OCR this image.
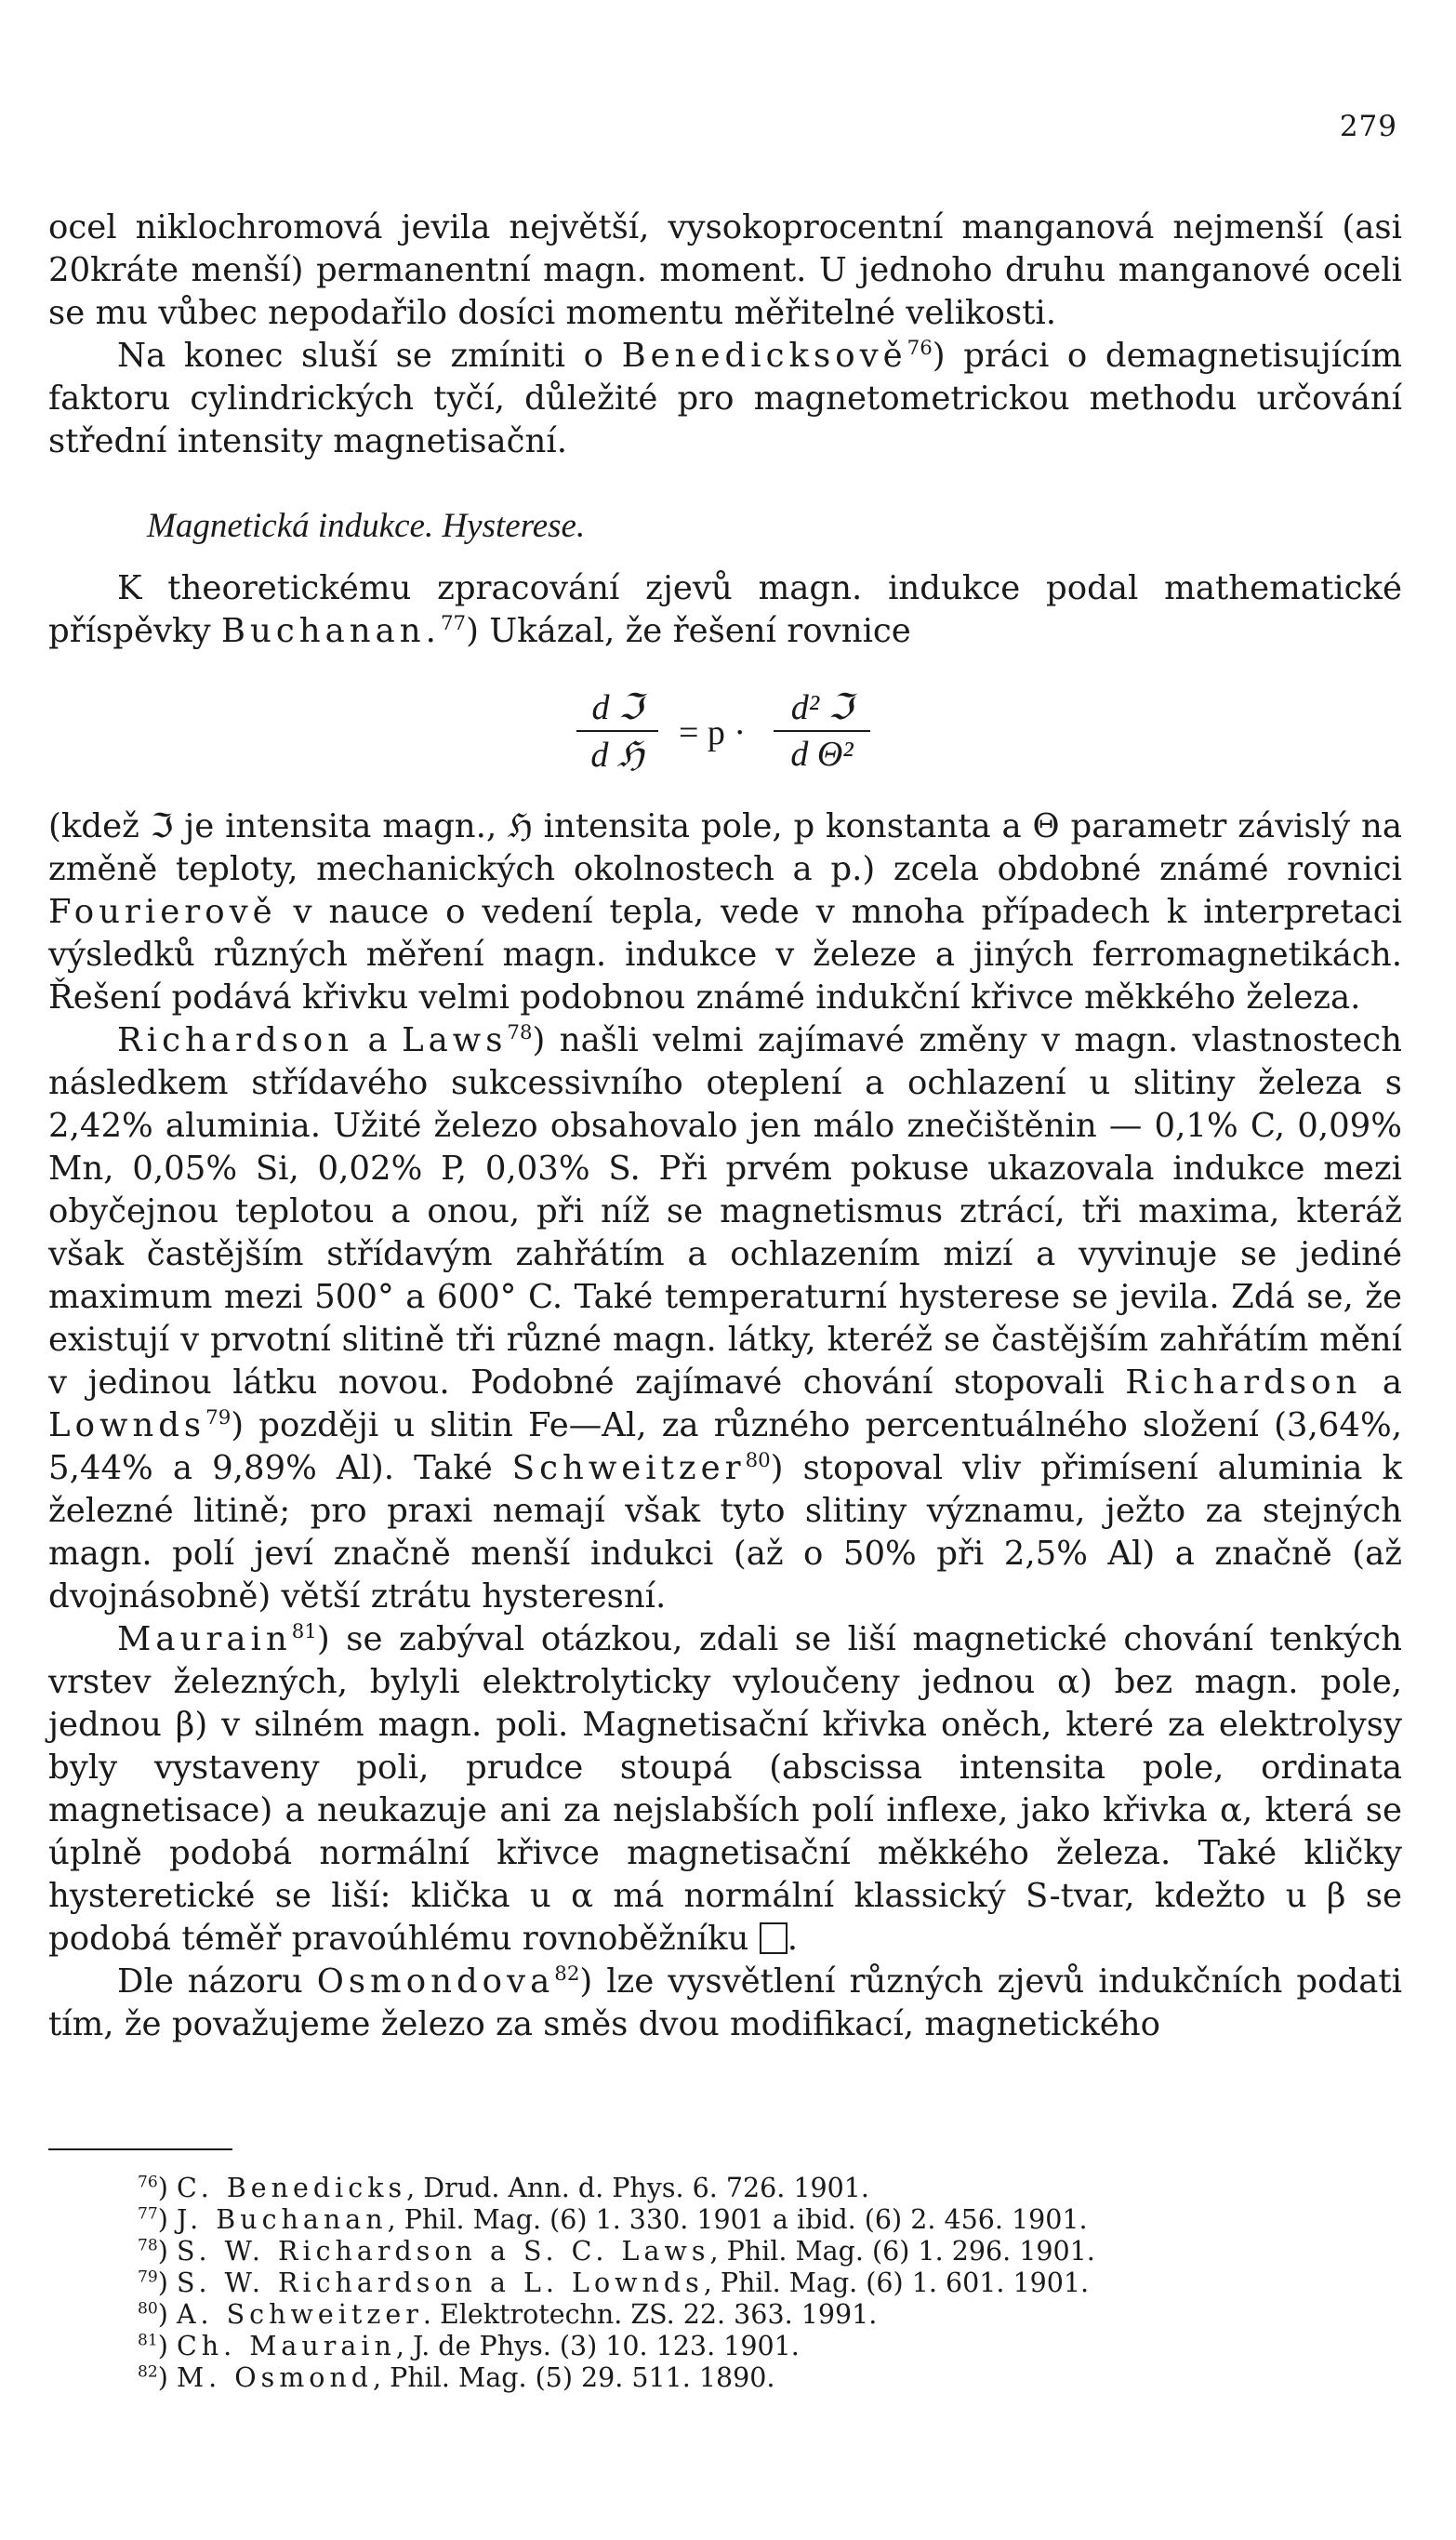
279

ocel niklochromová jevila největší, vysokoprocentní manganová nejmenší (asi 20kráte menší) permanentní magn. moment. U jednoho druhu manganové oceli se mu vůbec nepodařilo dosíci momentu měřitelné velikosti.

Na konec sluší se zmíniti o Benedicksově$^{76}$) práci o demagnetisujícím faktoru cylindrických tyčí, důležité pro magnetometrickou methodu určování střední intensity magnetisační.

Magnetická indukce. Hysterese.

K theoretickému zpracování zjevů magn. indukce podal mathematické příspěvky Buchanan.$^{77}$) Ukázal, že řešení rovnice

d ℑ
d ℌ
= p ·
d² ℑ
d Θ²

(kdež ℑ je intensita magn., ℌ intensita pole, p konstanta a Θ parametr závislý na změně teploty, mechanických okolnostech a p.) zcela obdobné známé rovnici Fourierově v nauce o vedení tepla, vede v mnoha případech k interpretaci výsledků různých měření magn. indukce v železe a jiných ferromagnetikách. Řešení podává křivku velmi podobnou známé indukční křivce měkkého železa.

Richardson a Laws$^{78}$) našli velmi zajímavé změny v magn. vlastnostech následkem střídavého sukcessivního oteplení a ochlazení u slitiny železa s 2,42% aluminia. Užité železo obsahovalo jen málo znečištěnin — 0,1% C, 0,09% Mn, 0,05% Si, 0,02% P, 0,03% S. Při prvém pokuse ukazovala indukce mezi obyčejnou teplotou a onou, při níž se magnetismus ztrácí, tři maxima, kteráž však častějším střídavým zahřátím a ochlazením mizí a vyvinuje se jediné maximum mezi 500° a 600° C. Také temperaturní hysterese se jevila. Zdá se, že existují v prvotní slitině tři různé magn. látky, kteréž se častějším zahřátím mění v jedinou látku novou. Podobné zajímavé chování stopovali Richardson a Lownds$^{79}$) později u slitin Fe—Al, za různého percentuálného složení (3,64%, 5,44% a 9,89% Al). Také Schweitzer$^{80}$) stopoval vliv přimísení aluminia k železné litině; pro praxi nemají však tyto slitiny významu, ježto za stejných magn. polí jeví značně menší indukci (až o 50% při 2,5% Al) a značně (až dvojnásobně) větší ztrátu hysteresní.

Maurain$^{81}$) se zabýval otázkou, zdali se liší magnetické chování tenkých vrstev železných, bylyli elektrolyticky vyloučeny jednou α) bez magn. pole, jednou β) v silném magn. poli. Magnetisační křivka oněch, které za elektrolysy byly vystaveny poli, prudce stoupá (abscissa intensita pole, ordinata magnetisace) a neukazuje ani za nejslabších polí inflexe, jako křivka α, která se úplně podobá normální křivce magnetisační měkkého železa. Také kličky hysteretické se liší: klička u α má normální klassický S-tvar, kdežto u β se podobá téměř pravoúhlému rovnoběžníku .

Dle názoru Osmondova$^{82}$) lze vysvětlení různých zjevů indukčních podati tím, že považujeme železo za směs dvou modifikací, magnetického

$^{76}$) C. Benedicks, Drud. Ann. d. Phys. 6. 726. 1901.
$^{77}$) J. Buchanan, Phil. Mag. (6) 1. 330. 1901 a ibid. (6) 2. 456. 1901.
$^{78}$) S. W. Richardson a S. C. Laws, Phil. Mag. (6) 1. 296. 1901.
$^{79}$) S. W. Richardson a L. Lownds, Phil. Mag. (6) 1. 601. 1901.
$^{80}$) A. Schweitzer. Elektrotechn. ZS. 22. 363. 1991.
$^{81}$) Ch. Maurain, J. de Phys. (3) 10. 123. 1901.
$^{82}$) M. Osmond, Phil. Mag. (5) 29. 511. 1890.
